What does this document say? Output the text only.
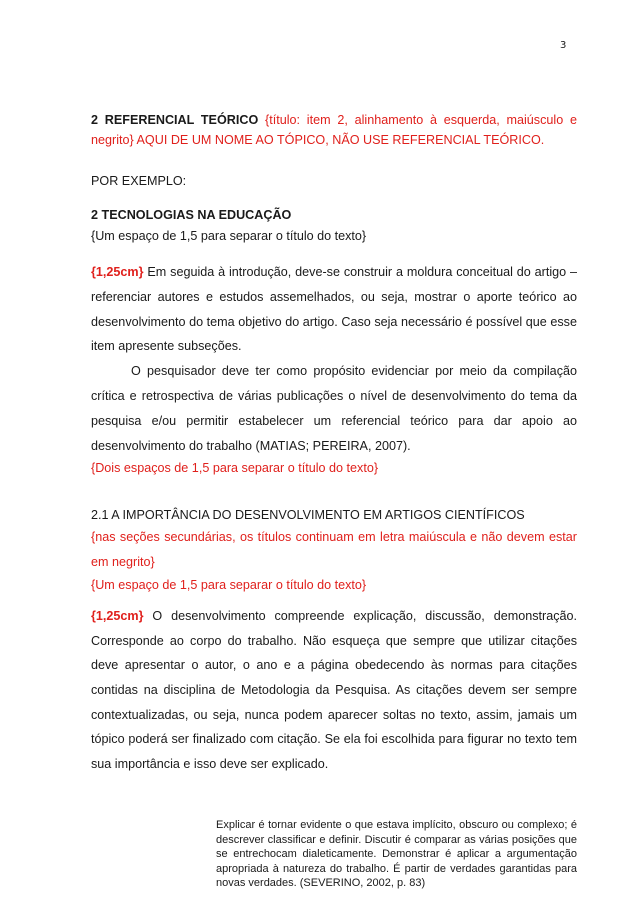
3

2 REFERENCIAL TEÓRICO {título: item 2, alinhamento à esquerda, maiúsculo e negrito} AQUI DE UM NOME AO TÓPICO, NÃO USE REFERENCIAL TEÓRICO.

POR EXEMPLO:

2 TECNOLOGIAS NA EDUCAÇÃO

{Um espaço de 1,5 para separar o título do texto}

{1,25cm} Em seguida à introdução, deve-se construir a moldura conceitual do artigo – referenciar autores e estudos assemelhados, ou seja, mostrar o aporte teórico ao desenvolvimento do tema objetivo do artigo. Caso seja necessário é possível que esse item apresente subseções.

O pesquisador deve ter como propósito evidenciar por meio da compilação crítica e retrospectiva de várias publicações o nível de desenvolvimento do tema da pesquisa e/ou permitir estabelecer um referencial teórico para dar apoio ao desenvolvimento do trabalho (MATIAS; PEREIRA, 2007).

{Dois espaços de 1,5 para separar o título do texto}

2.1 A IMPORTÂNCIA DO DESENVOLVIMENTO EM ARTIGOS CIENTÍFICOS

{nas seções secundárias, os títulos continuam em letra maiúscula e não devem estar em negrito}

{Um espaço de 1,5 para separar o título do texto}

{1,25cm} O desenvolvimento compreende explicação, discussão, demonstração. Corresponde ao corpo do trabalho. Não esqueça que sempre que utilizar citações deve apresentar o autor, o ano e a página obedecendo às normas para citações contidas na disciplina de Metodologia da Pesquisa. As citações devem ser sempre contextualizadas, ou seja, nunca podem aparecer soltas no texto, assim, jamais um tópico poderá ser finalizado com citação. Se ela foi escolhida para figurar no texto tem sua importância e isso deve ser explicado.

Explicar é tornar evidente o que estava implícito, obscuro ou complexo; é descrever classificar e definir. Discutir é comparar as várias posições que se entrechocam dialeticamente. Demonstrar é aplicar a argumentação apropriada à natureza do trabalho. É partir de verdades garantidas para novas verdades. (SEVERINO, 2002, p. 83)
